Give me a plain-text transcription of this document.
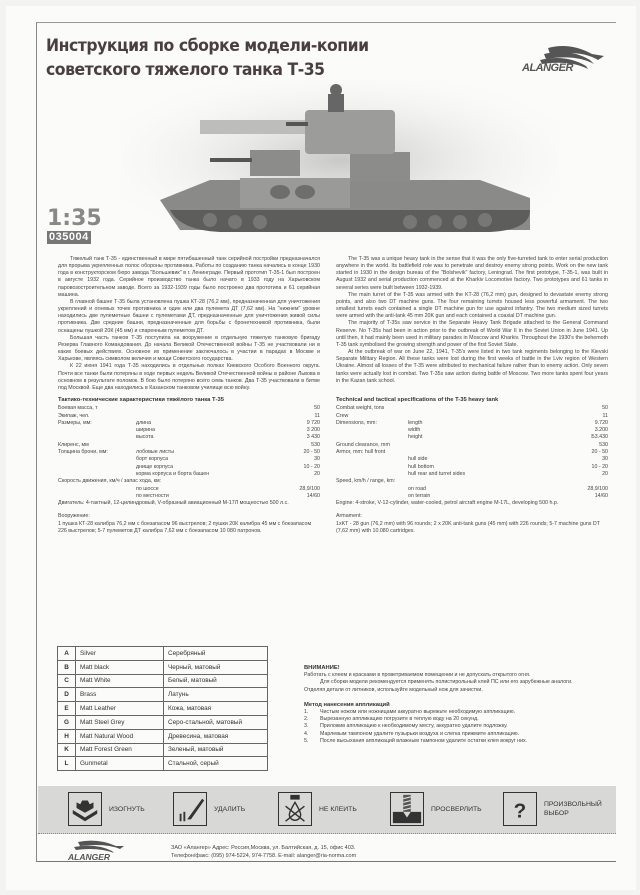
Инструкция по сборке модели-копии
советского тяжелого танка Т-35	ALANGER
1:35
035004

Тяжелый танк Т-35 - единственный в мире пятибашенный танк серийной постройки предназначался для прорыва укрепленных полос обороны противника. Работы по созданию танка начались в конце 1930 года в конструкторском бюро завода "Большевик" в г. Ленинграде. Первый прототип Т-35-1 был построен в августе 1932 года. Серийное производство танка было начато в 1933 году на Харьковском паровозостроительном заводе. Всего за 1932-1939 годы было построено два прототипа и 61 серийная машина.

В главной башне Т-35 была установлена пушка КТ-28 (76,2 мм), предназначенная для уничтожения укреплений и огневых точек противника и один или два пулемета ДТ (7,62 мм). На "нижнем" уровне находились две пулеметные башни с пулеметами ДТ, предназначенные для уничтожения живой силы противника. Две средние башни, предназначенные для борьбы с бронетехникой противника, были оснащены пушкой 20К (45 мм) и спаренным пулеметом ДТ.

Большая часть танков Т-35 поступила на вооружение в отдельную тяжелую танковую бригаду Резерва Главного Командования. До начала Великой Отечественной войны Т-35 не участвовали ни в каких боевых действиях. Основное их применение заключалось в участии в парадах в Москве и Харькове, являясь символом величия и мощи Советского государства.

К 22 июня 1941 года Т-35 находились в отдельных полках Киевского Особого Военного округа. Почти все танки были потеряны в ходе первых недель Великой Отечественной войны в районе Львова в основном в результате поломок. В бою было потеряно всего семь танков. Два Т-35 участвовали в битве под Москвой. Еще два находились в Казанском танковом училище всю войну.

The T-35 was a unique heavy tank in the sense that it was the only five-turreted tank to enter serial production anywhere in the world. Its battlefield role was to penetrate and destroy enemy strong points. Work on the new tank started in 1930 in the design bureau of the "Bolshevik" factory, Leningrad. The first prototype, T-35-1, was built in August 1932 and serial production commenced at the Kharkiv Locomotive factory. Two prototypes and 61 tanks in several series were built between 1932-1939.

The main turret of the T-35 was armed with the KT-28 (76,2 mm) gun, designed to devastate enemy strong points, and also two DT machine guns. The four remaining turrets housed less powerful armament. The two smallest turrets each contained a single DT machine gun for use against infantry. The two medium sized turrets were armed with the anti-tank 45 mm 20K gun and each contained a coaxial DT machine gun.

The majority of T-35s saw service in the Separate Heavy Tank Brigade attached to the General Command Reserve. No T-35s had been in action prior to the outbreak of World War II in the Soviet Union in June 1941. Up until then, it had mainly been used in military parades in Moscow and Kharkiv. Throughout the 1930's the behemoth T-35 tank symbolised the growing strength and power of the first Soviet State.

At the outbreak of war on June 22, 1941, T-35's were listed in two tank regiments belonging to the Kievski Separate Military Region. All these tanks were lost during the first weeks of battle in the Lviv region of Western Ukraine. Almost all losses of the T-35 were attributed to mechanical failure rather than to enemy action. Only seven tanks were actually lost in combat. Two T-35s saw action during battle of Moscow. Two more tanks spent four years in the Kazan tank school.

Тактико-технические характеристики тяжёлого танка Т-35
Боевая масса, т	50
Экипаж, чел.	11
Размеры, мм:	длина	9 720
ширина	3 200
высота	3 430
Клиренс, мм	530
Толщина брони, мм:	лобовые листы	20 - 50
борт корпуса	30
днище корпуса	10 - 20
корма корпуса и борта башен	20
Скорость движения, км/ч / запас хода, км:
по шоссе	28,9/100
по местности	14/60
Двигатель: 4-тактный, 12-цилиндровый, V-образный авиационный М-17Л мощностью 500 л.с.
Вооружение:
1 пушка КТ-28 калибра 76,2 мм с боезапасом 96 выстрелов; 2 пушки 20К калибра 45 мм с боезапасом 226 выстрелов; 5-7 пулеметов ДТ калибра 7,62 мм с боезапасом 10 080 патронов.
Technical and tactical specifications of the T-35 heavy tank
Combat weight, tons	50
Crew	11
Dimensions, mm:	length	9.720
width	3.200
height	Б3.430
Ground clearance, mm	530
Armor, mm: hull front	20 - 50
hull side	30
hull bottom	10 - 20
hull rear and turret sides	20
Speed, km/h / range, km:
on road	28,9/100
on terrain	14/60
Engine: 4-stroke, V-12-cylinder, water-cooled, petrol aircraft engine M-17L, developing 500 h.p.
Armament:
1xKT - 28 gun (76,2 mm) with 96 rounds; 2 x 20K anti-tank guns (45 mm) with 226 rounds; 5-7 machine guns DT (7,62 mm) with 10.080 cartridges.
A	Silver	Серебряный
B	Matt black	Черный, матовый
C	Matt White	Белый, матовый
D	Brass	Латунь
E	Matt Leather	Кожа, матовая
G	Matt Steel Grey	Серо-стальной, матовый
H	Matt Natural Wood	Древесина, матовая
K	Matt Forest Green	Зеленый, матовый
L	Gunmetal	Стальной, серый
ВНИМАНИЕ!
Работать с клеем и красками в проветриваемом помещении и не допускать открытого огня.
Для сборки модели рекомендуется применять полистирольный клей ПС или его зарубежные аналоги.
Отделяя детали от литников, используйте модельный нож для зачистки.
Метод нанесения аппликаций
1.	Чистым ножом или ножницами аккуратно вырежьте необходимую аппликацию.
2.	Вырезанную аппликацию погрузите в теплую воду на 20 секунд.
3.	Приложив аппликацию к необходимому месту, аккуратно удалите подложку.
4.	Марлевым тампоном удалите пузырьки воздуха и слегка прижмите аппликацию.
5.	После высыхания аппликаций влажным тампоном удалите остатки клея вокруг них.
ИЗОГНУТЬ	УДАЛИТЬ	НЕ КЛЕИТЬ	ПРОСВЕРЛИТЬ ?	ПРОИЗВОЛЬНЫЙ
ВЫБОР
ALANGER
ЗАО «Алангер» Адрес: Россия,Москва, ул. Балтийская, д. 15, офис 403.
Телефон/факс: (095) 974-5224, 974-7758. E-mail: alanger@ria-norma.com
